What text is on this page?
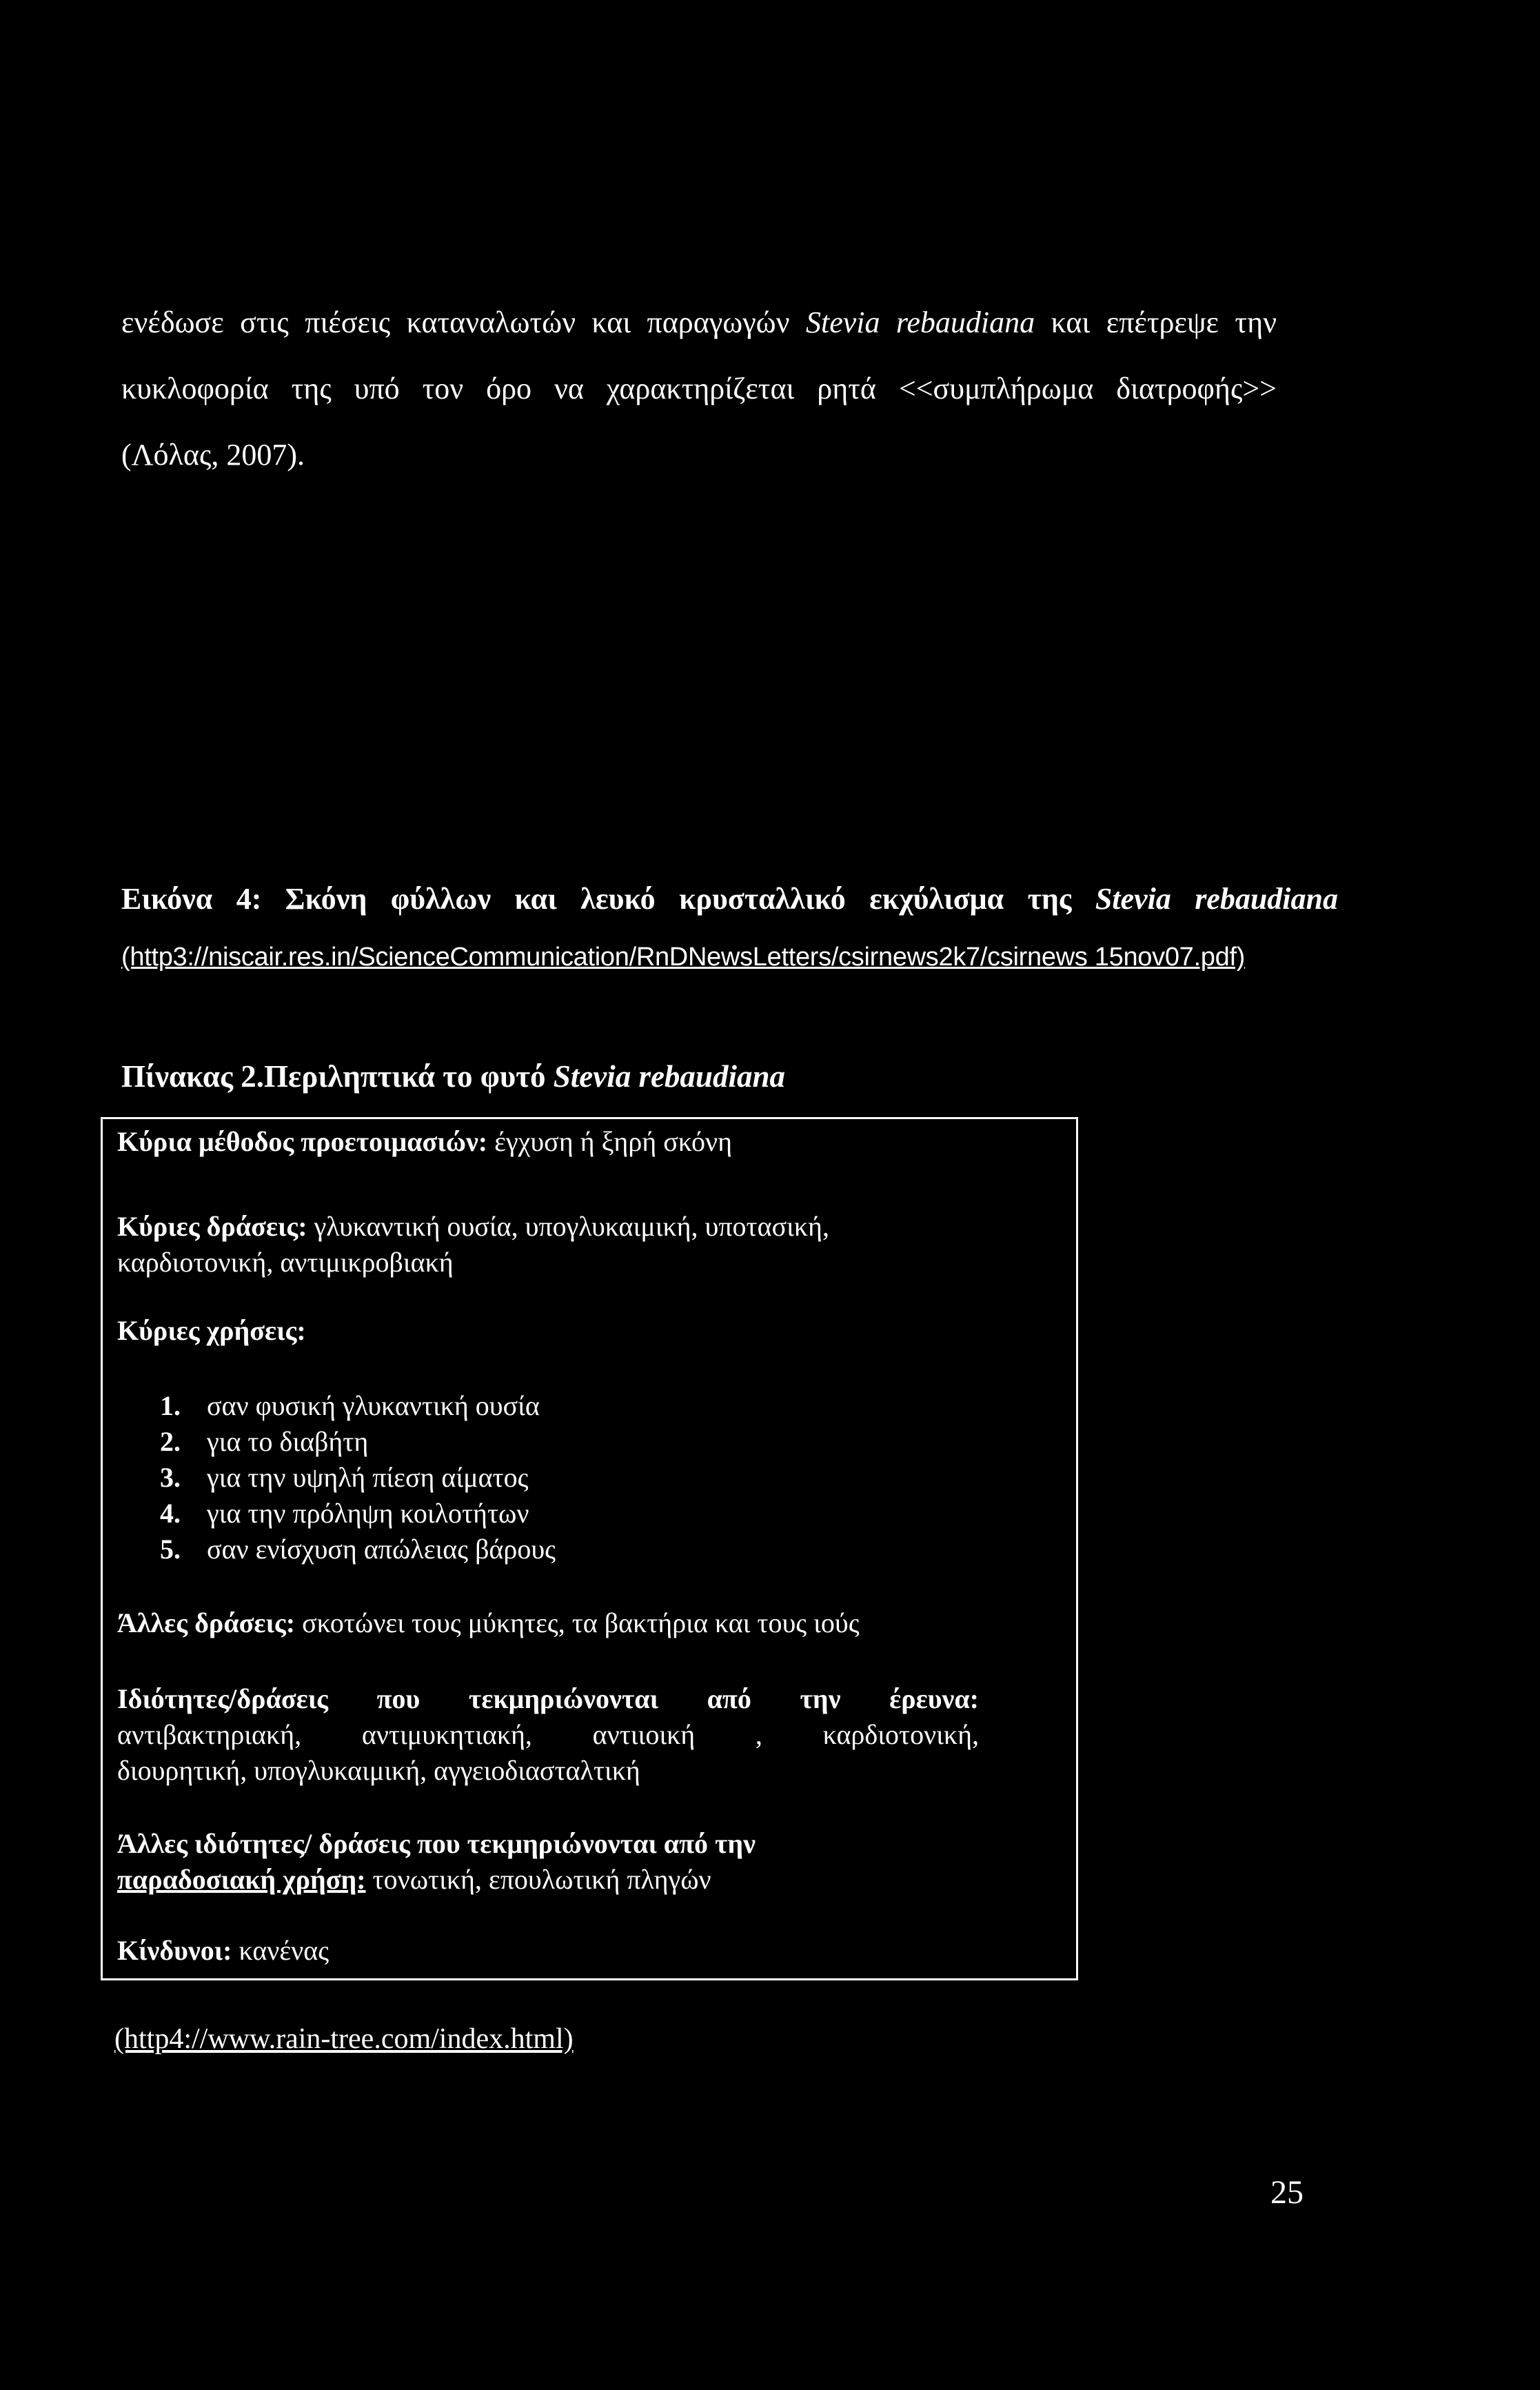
ενέδωσε στις πιέσεις καταναλωτών και παραγωγών Stevia rebaudiana και επέτρεψε την
κυκλοφορία της υπό τον όρο να χαρακτηρίζεται ρητά <<συμπλήρωμα διατροφής>>
(Λόλας, 2007).
Εικόνα 4: Σκόνη φύλλων και λευκό κρυσταλλικό εκχύλισμα της Stevia rebaudiana
(http3://niscair.res.in/ScienceCommunication/RnDNewsLetters/csirnews2k7/csirnews 15nov07.pdf)
Πίνακας 2.Περιληπτικά το φυτό Stevia rebaudiana
Κύρια μέθοδος προετοιμασιών: έγχυση ή ξηρή σκόνη
Κύριες δράσεις: γλυκαντική ουσία, υπογλυκαιμική, υποτασική,
καρδιοτονική, αντιμικροβιακή
Κύριες χρήσεις:
1. σαν φυσική γλυκαντική ουσία
2. για το διαβήτη
3. για την υψηλή πίεση αίματος
4. για την πρόληψη κοιλοτήτων
5. σαν ενίσχυση απώλειας βάρους
Άλλες δράσεις: σκοτώνει τους μύκητες, τα βακτήρια και τους ιούς
Ιδιότητες/δράσεις που τεκμηριώνονται από την έρευνα:
αντιβακτηριακή, αντιμυκητιακή, αντιιοική , καρδιοτονική,
διουρητική, υπογλυκαιμική, αγγειοδιασταλτική
Άλλες ιδιότητες/ δράσεις που τεκμηριώνονται από την
παραδοσιακή χρήση: τονωτική, επουλωτική πληγών
Κίνδυνοι: κανένας
(http4://www.rain-tree.com/index.html)
25
